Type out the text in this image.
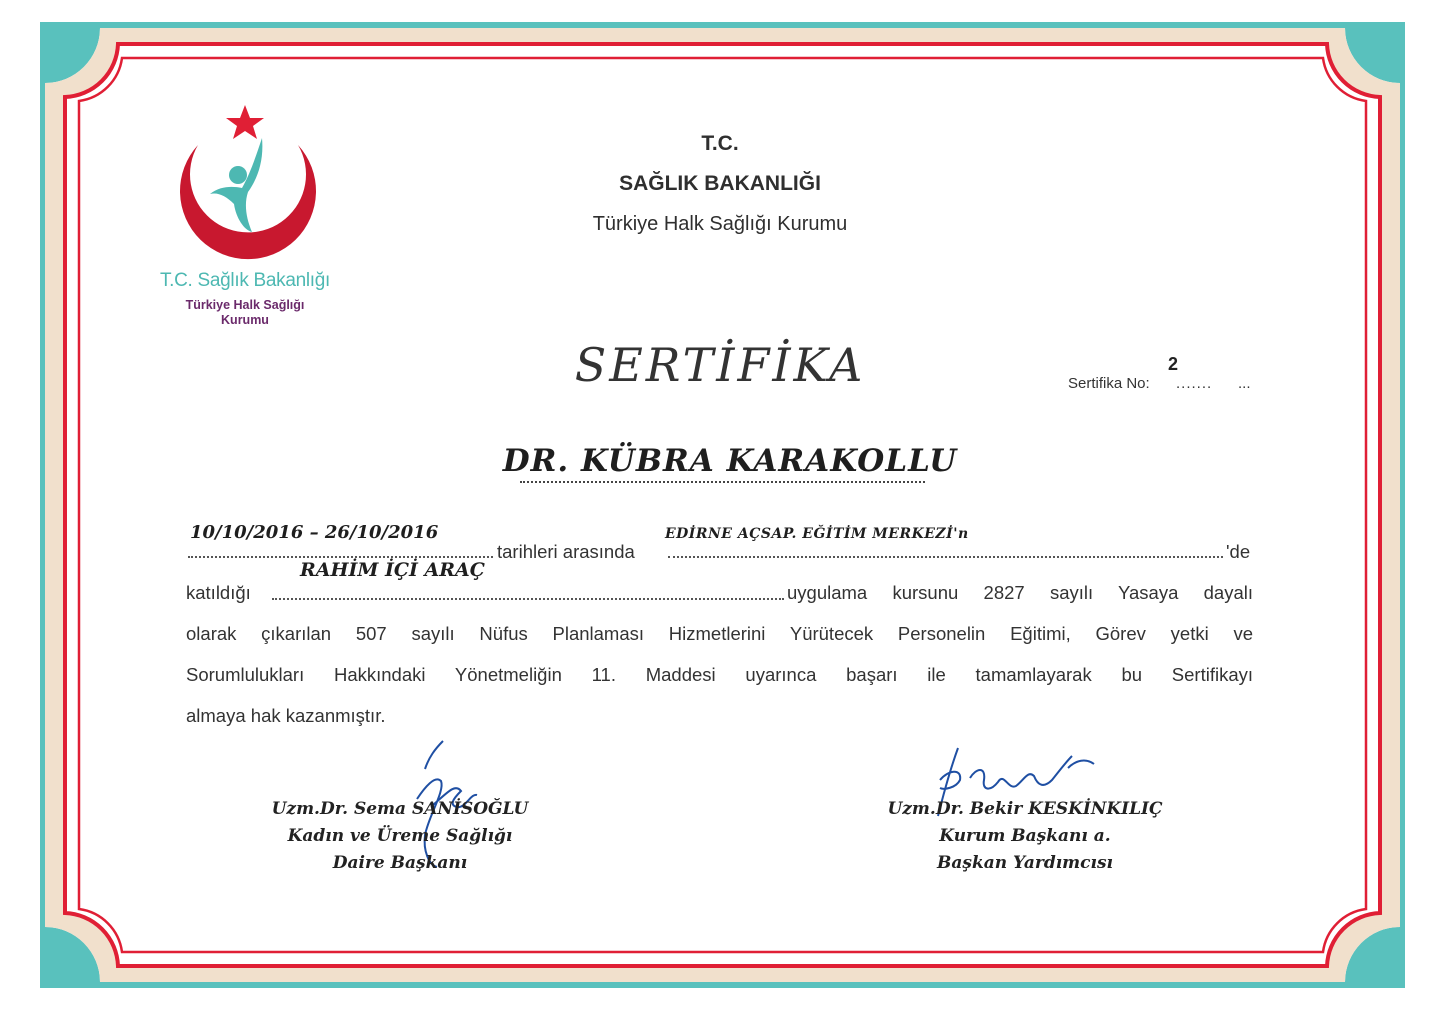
T.C. Sağlık Bakanlığı
Türkiye Halk Sağlığı
Kurumu
T.C.
SAĞLIK BAKANLIĞI
Türkiye Halk Sağlığı Kurumu
SERTİFİKA	Sertifika No: .......
2
...
DR. KÜBRA KARAKOLLU
10/10/2016 – 26/10/2016
tarihleri arasında
EDİRNE AÇSAP. EĞİTİM MERKEZİ'n
'de
katıldığı
RAHİM İÇİ ARAÇ
uygulama kursunu 2827 sayılı Yasaya dayalı
olarak çıkarılan 507 sayılı Nüfus Planlaması Hizmetlerini Yürütecek Personelin Eğitimi, Görev yetki ve
Sorumlulukları Hakkındaki Yönetmeliğin 11. Maddesi uyarınca başarı ile tamamlayarak bu Sertifikayı
almaya hak kazanmıştır.
Uzm.Dr. Sema SANİSOĞLU
Kadın ve Üreme Sağlığı
Daire Başkanı
Uzm.Dr. Bekir KESKİNKILIÇ
Kurum Başkanı a.
Başkan Yardımcısı
